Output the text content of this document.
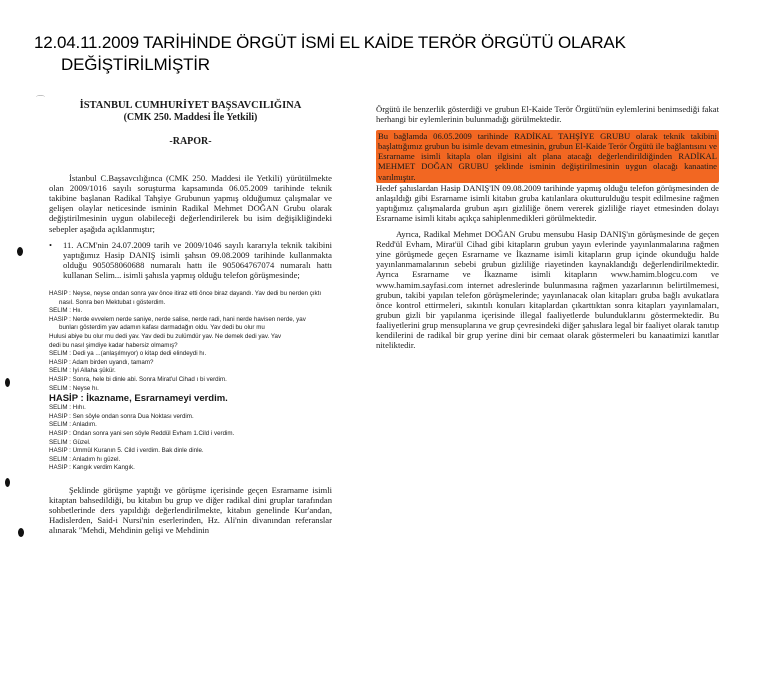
12.04.11.2009 TARİHİNDE ÖRGÜT İSMİ EL KAİDE TERÖR ÖRGÜTÜ OLARAK
DEĞİŞTİRİLMİŞTİR
⌒	İSTANBUL CUMHURİYET BAŞSAVCILIĞINA
(CMK 250. Maddesi İle Yetkili)
-RAPOR-

İstanbul C.Başsavcılığınca (CMK 250. Maddesi ile Yetkili) yürütülmekte olan 2009/1016 sayılı soruşturma kapsamında 06.05.2009 tarihinde teknik takibine başlanan Radikal Tahşiye Grubunun yapmış olduğumuz çalışmalar ve gelişen olaylar neticesinde isminin Radikal Mehmet DOĞAN Grubu olarak değiştirilmesinin uygun olabileceği değerlendirilerek bu isim değişikliğindeki sebepler aşağıda açıklanmıştır;

• 11. ACM'nin 24.07.2009 tarih ve 2009/1046 sayılı kararıyla teknik takibini yaptığımız Hasip DANIŞ isimli şahsın 09.08.2009 tarihinde kullanmakta olduğu 905058060688 numaralı hattı ile 905064767074 numaralı hattı kullanan Selim... isimli şahısla yapmış olduğu telefon görüşmesinde;

HASİP : Neyse, neyse ondan sonra yav önce itiraz etti önce biraz dayandı. Yav dedi bu nerden çıktı
nasıl. Sonra ben Mektubat ı gösterdim.
SELİM : Hıı.
HASİP : Nerde evvelem nerde saniye, nerde salise, nerde radi, hani nerde havisen nerde, yav
bunları gösterdim yav adamın kafası darmadağın oldu. Yav dedi bu olur mu
Hulusi abiye bu olur mu dedi yav. Yav dedi bu zulümdür yav. Ne demek dedi yav. Yav
dedi bu nasıl şimdiye kadar habersiz olmamış?
SELİM : Dedi ya ...(anlaşılmıyor) o kitap dedi elindeydi hı.
HASİP : Adam birden uyandı, tamam?
SELİM : İyi Allaha şükür.
HASİP : Sonra, hele bi dinle abi. Sonra Mirat'ul Cihad ı bi verdim.
SELİM : Neyse hı.
HASİP : İkazname, Esrarnameyi verdim.
SELİM : Hıhı.
HASİP : Sen söyle ondan sonra Dua Noktası verdim.
SELİM : Anladım.
HASİP : Ondan sonra yani sen söyle Reddül Evham 1.Cild i verdim.
SELİM : Güzel.
HASİP : Ümmül Kuranın 5. Cild i verdim. Bak dinle dinle.
SELİM : Anladım hı güzel.
HASİP : Kangık verdim Kangık.

Şeklinde görüşme yaptığı ve görüşme içerisinde geçen Esrarname isimli kitaptan bahsedildiği, bu kitabın bu grup ve diğer radikal dini gruplar tarafından sohbetlerinde ders yapıldığı değerlendirilmekte, kitabın genelinde Kur'andan, Hadislerden, Said-i Nursi'nin eserlerinden, Hz. Ali'nin divanından referanslar alınarak "Mehdi, Mehdinin gelişi ve Mehdinin

Örgütü ile benzerlik gösterdiği ve grubun El-Kaide Terör Örgütü'nün eylemlerini benimsediği fakat herhangi bir eylemlerinin bulunmadığı görülmektedir.

Bu bağlamda 06.05.2009 tarihinde RADİKAL TAHŞİYE GRUBU olarak teknik takibini başlattığımız grubun bu isimle devam etmesinin, grubun El-Kaide Terör Örgütü ile bağlantısını ve Esrarname isimli kitapla olan ilgisini alt plana atacağı değerlendirildiğinden RADİKAL MEHMET DOĞAN GRUBU şeklinde isminin değiştirilmesinin uygun olacağı kanaatine varılmıştır.

Hedef şahıslardan Hasip DANIŞ'IN 09.08.2009 tarihinde yapmış olduğu telefon görüşmesinden de anlaşıldığı gibi Esrarname isimli kitabın gruba katılanlara okutturulduğu tespit edilmesine rağmen yaptığımız çalışmalarda grubun aşırı gizliliğe önem vererek gizliliğe riayet etmesinden dolayı Esrarname isimli kitabı açıkça sahiplenmedikleri görülmektedir.

Ayrıca, Radikal Mehmet DOĞAN Grubu mensubu Hasip DANIŞ'ın görüşmesinde de geçen Redd'ül Evham, Mirat'ül Cihad gibi kitapların grubun yayın evlerinde yayınlanmalarına rağmen yine görüşmede geçen Esrarname ve İkazname isimli kitapların grup içinde okunduğu halde yayınlanmamalarının sebebi grubun gizliliğe riayetinden kaynaklandığı değerlendirilmektedir. Ayrıca Esrarname ve İkazname isimli kitapların www.hamim.blogcu.com ve www.hamim.sayfasi.com internet adreslerinde bulunmasına rağmen yazarlarının belirtilmemesi, grubun, takibi yapılan telefon görüşmelerinde; yayınlanacak olan kitapları gruba bağlı avukatlara önce kontrol ettirmeleri, sıkıntılı konuları kitaplardan çıkarttıktan sonra kitapları yayınlamaları, grubun gizli bir yapılanma içerisinde illegal faaliyetlerde bulunduklarını göstermektedir. Bu faaliyetlerini grup mensuplarına ve grup çevresindeki diğer şahıslara legal bir faaliyet olarak tanıtıp kendilerini de radikal bir grup yerine dini bir cemaat olarak göstermeleri bu kanaatimizi kanıtlar niteliktedir.
